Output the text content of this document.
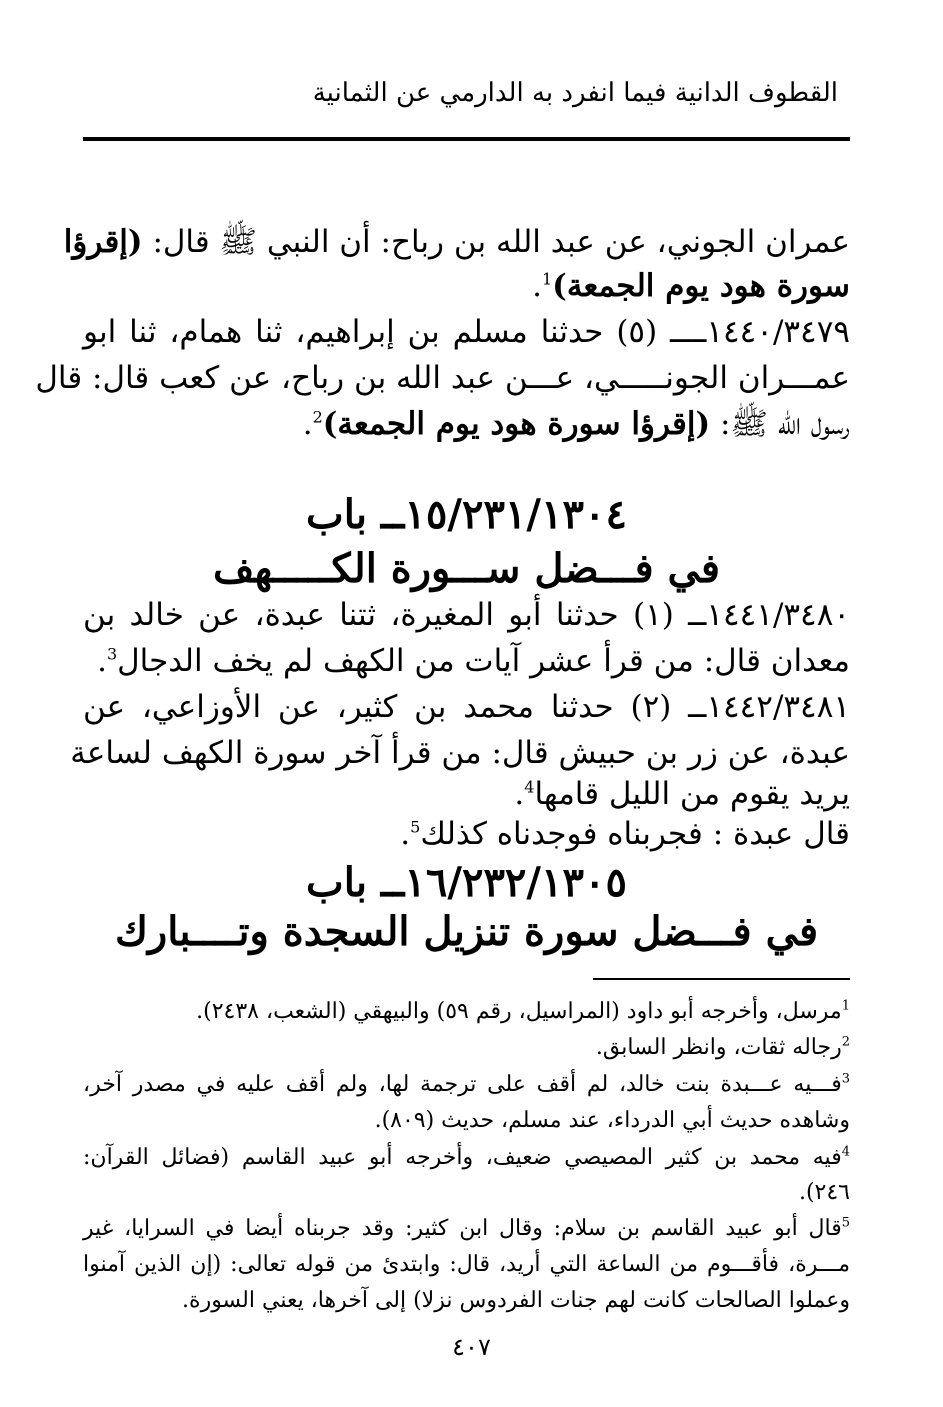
القطوف الدانية فيما انفرد به الدارمي عن الثمانية
عمران الجوني، عن عبد الله بن رباح: أن النبي ﷺ قال: (إقرؤا
سورة هود يوم الجمعة)$^1$.
١٤٤٠/٣٤٧٩ــــ (٥) حدثنا مسلم بن إبراهيم، ثنا همام، ثنا ابو
عمـــران الجونـــــي، عـــن عبد الله بن رباح، عن كعب قال: قال
رسول الله ﷺ: (إقرؤا سورة هود يوم الجمعة)$^2$.
١٥/٢٣١/١٣٠٤ــ باب
في فـــضل ســـورة الكـــــهف
١٤٤١/٣٤٨٠ــ (١) حدثنا أبو المغيرة، ثتنا عبدة، عن خالد بن
معدان قال: من قرأ عشر آيات من الكهف لم يخف الدجال$^3$.
١٤٤٢/٣٤٨١ــ (٢) حدثنا محمد بن كثير، عن الأوزاعي، عن
عبدة، عن زر بن حبيش قال: من قرأ آخر سورة الكهف لساعة
يريد يقوم من الليل قامها$^4$.
قال عبدة : فجربناه فوجدناه كذلك$^5$.
١٦/٢٣٢/١٣٠٥ــ باب
في فـــضل سورة تنزيل السجدة وتــــبارك
$^1$مرسل، وأخرجه أبو داود (المراسيل، رقم ٥٩) والبيهقي (الشعب، ٢٤٣٨).
$^2$رجاله ثقات، وانظر السابق.
$^3$فـــيه عـــبدة بنت خالد، لم أقف على ترجمة لها، ولم أقف عليه في مصدر آخر،
وشاهده حديث أبي الدرداء، عند مسلم، حديث (٨٠٩).
$^4$فيه محمد بن كثير المصيصي ضعيف، وأخرجه أبو عبيد القاسم (فضائل القرآن:
٢٤٦).
$^5$قال أبو عبيد القاسم بن سلام: وقال ابن كثير: وقد جربناه أيضا في السرايا، غير
مـــرة، فأقـــوم من الساعة التي أريد، قال: وابتدئ من قوله تعالى: (إن الذين آمنوا
وعملوا الصالحات كانت لهم جنات الفردوس نزلا) إلى آخرها، يعني السورة.
٤٠٧
